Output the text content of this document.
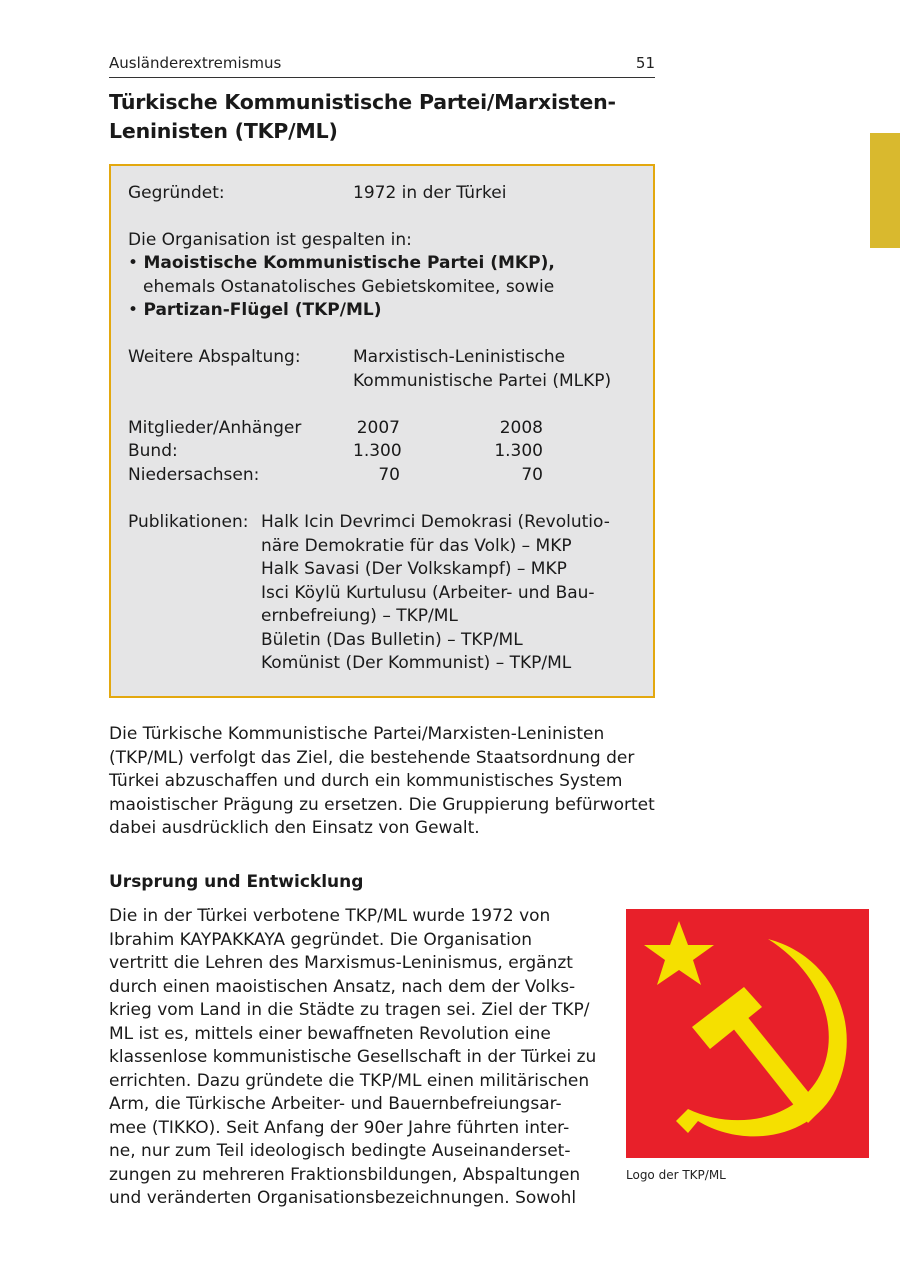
Ausländerextremismus	51
Türkische Kommunistische Partei/Marxisten-Leninisten (TKP/ML)
Gegründet:	1972 in der Türkei
Die Organisation ist gespalten in:
• Maoistische Kommunistische Partei (MKP),
ehemals Ostanatolisches Gebietskomitee, sowie
• Partizan-Flügel (TKP/ML)
Weitere Abspaltung:	Marxistisch-Leninistische
Kommunistische Partei (MLKP)
Mitglieder/Anhänger	2007	2008
Bund:	1.300	1.300
Niedersachsen:	70	70
Publikationen: Halk Icin Devrimci Demokrasi (Revolutio-
näre Demokratie für das Volk) – MKP
Halk Savasi (Der Volkskampf) – MKP
Isci Köylü Kurtulusu (Arbeiter- und Bau-
ernbefreiung) – TKP/ML
Bületin (Das Bulletin) – TKP/ML
Komünist (Der Kommunist) – TKP/ML

Die Türkische Kommunistische Partei/Marxisten-Leninisten (TKP/ML) verfolgt das Ziel, die bestehende Staatsordnung der Türkei abzuschaffen und durch ein kommunistisches System maoistischer Prägung zu ersetzen. Die Gruppierung befürwortet dabei ausdrücklich den Einsatz von Gewalt.

Ursprung und Entwicklung
Die in der Türkei verbotene TKP/ML wurde 1972 von
Ibrahim KAYPAKKAYA gegründet. Die Organisation
vertritt die Lehren des Marxismus-Leninismus, ergänzt
durch einen maoistischen Ansatz, nach dem der Volks-
krieg vom Land in die Städte zu tragen sei. Ziel der TKP/
ML ist es, mittels einer bewaffneten Revolution eine
klassenlose kommunistische Gesellschaft in der Türkei zu
errichten. Dazu gründete die TKP/ML einen militärischen
Arm, die Türkische Arbeiter- und Bauernbefreiungsar-
mee (TIKKO). Seit Anfang der 90er Jahre führten inter-
ne, nur zum Teil ideologisch bedingte Auseinanderset-
zungen zu mehreren Fraktionsbildungen, Abspaltungen
und veränderten Organisationsbezeichnungen. Sowohl
Logo der TKP/ML
